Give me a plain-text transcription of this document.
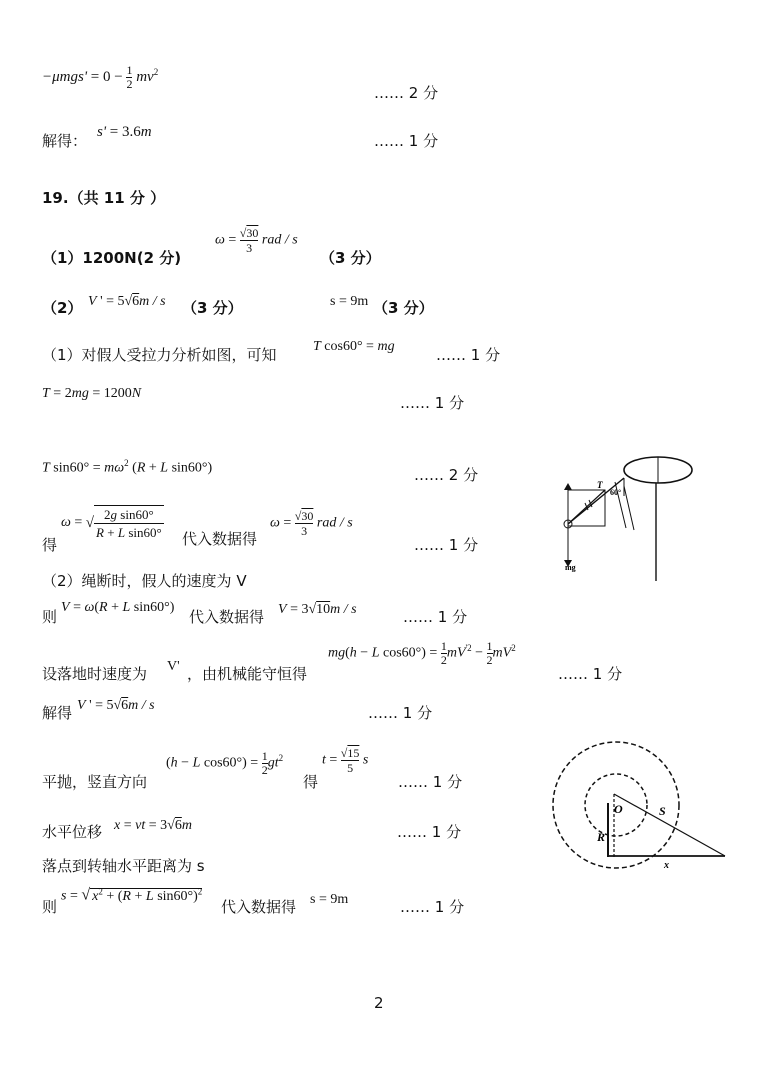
$-\mu mgs' = 0 - \frac{1}{2} mv^2$
…… 2 分
解得： s' = 3.6m	…… 1 分
19.（共 11 分 ）
（1）1200N(2 分)
$\omega = \frac{√30}{3}$ rad / s
（3 分）
（2） V ' = 5√6m / s （3 分）	s = 9m （3 分）
（1）对假人受拉力分析如图，可知	T cos60° = mg	…… 1 分
T = 2mg = 1200N
…… 1 分
T $\sin 60^\circ = m\omega^2$ (R + L sin60°)	…… 2 分
得
ω = √ $\frac{\text{2g sin60°}}{\text{R + L sin60°}}$ 代入数据得
$\omega = \frac{√30}{3}$ rad / s
…… 1 分
（2）绳断时，假人的速度为 V
则
V = ω(R + L sin60°)
代入数据得 V = 3√10m / s	…… 1 分
设落地时速度为 V' ，由机械能守恒得
mg(h − L $\cos 60^\circ) = \frac{1}{2} mV^{'2} - \frac{1}{2} mV^2$
…… 1 分
解得 V ' = 5√6m / s	…… 1 分
平抛，竖直方向
(h − L $\cos 60^\circ) = \frac{1}{2} gt^2$
得
$t = \frac{√15}{5}$ s
…… 1 分
水平位移 x = vt = 3√6m	…… 1 分
落点到转轴水平距离为 s
则
s = √ $x^2 + (R + L$ sin60°)$^2$
代入数据得 s = 9m	…… 1 分
T
60°
mg
O
R
S
x
2
